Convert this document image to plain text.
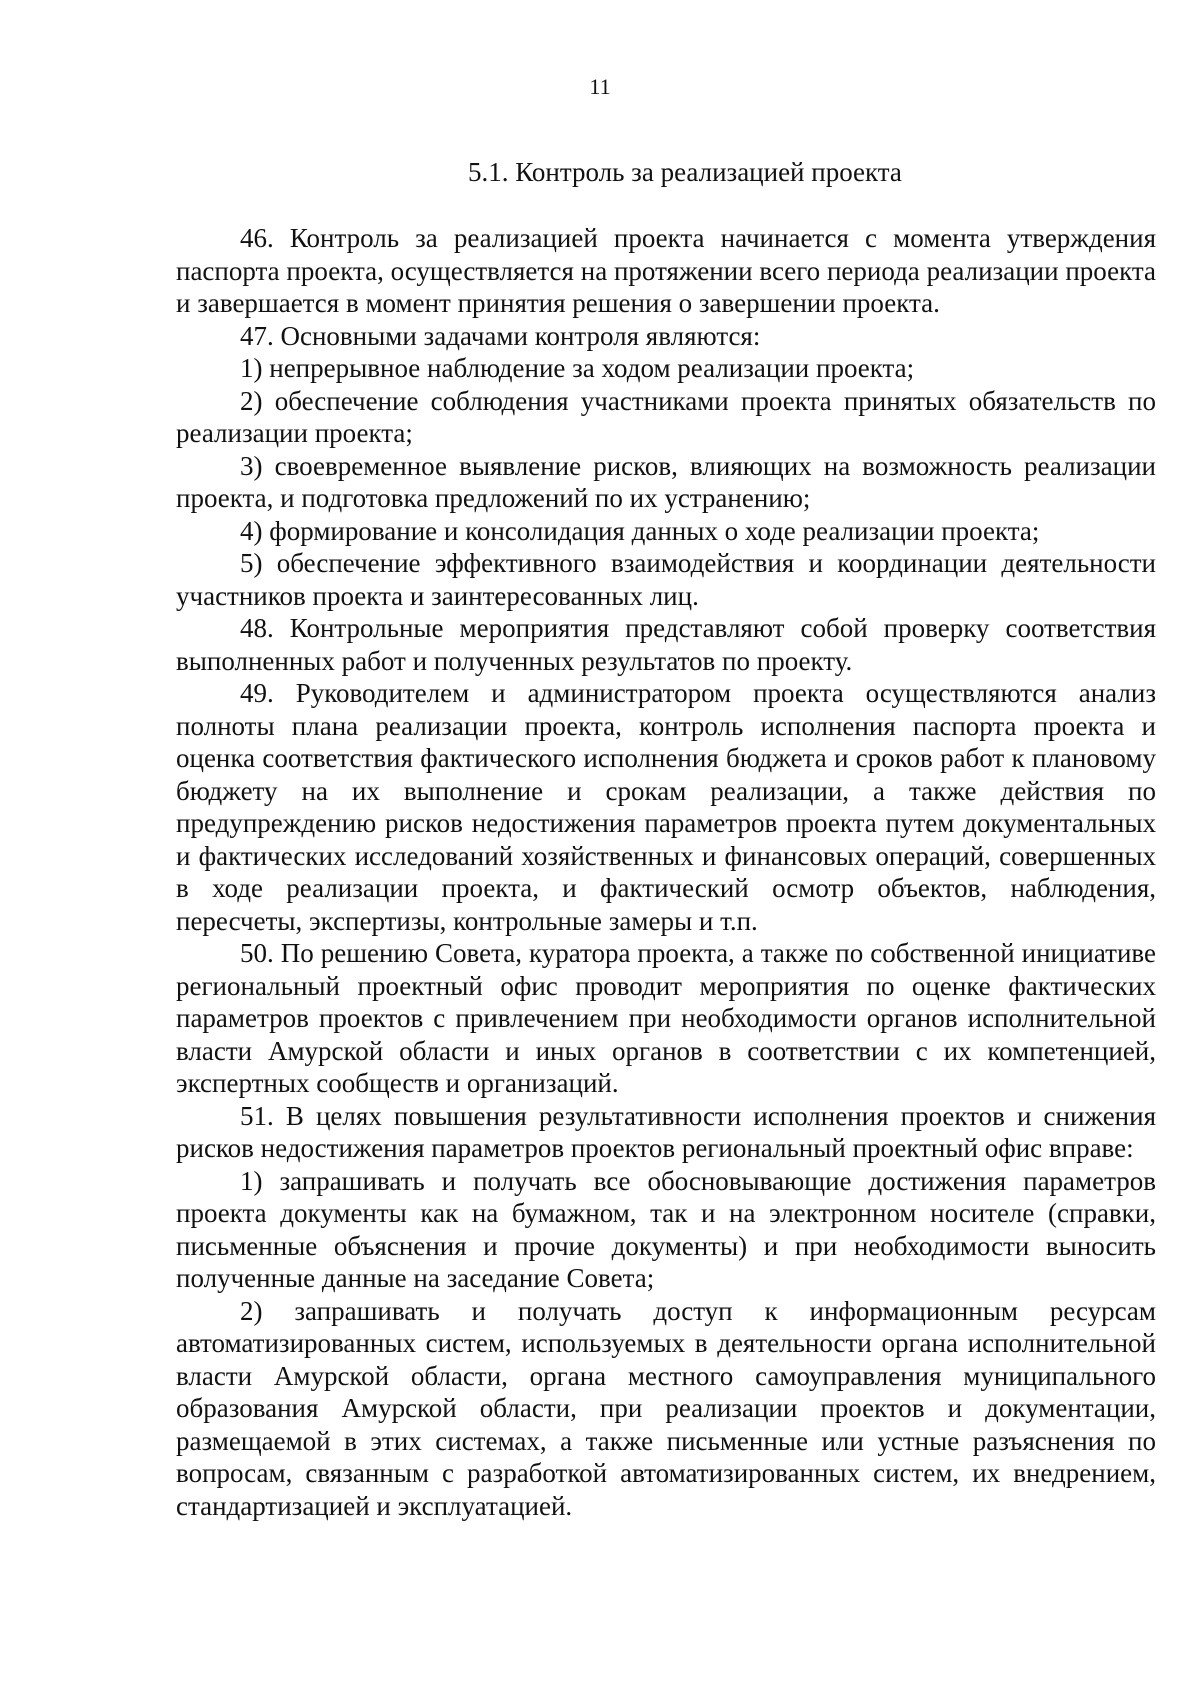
11
5.1. Контроль за реализацией проекта

46. Контроль за реализацией проекта начинается с момента утверждения паспорта проекта, осуществляется на протяжении всего периода реализации проекта и завершается в момент принятия решения о завершении проекта.

47. Основными задачами контроля являются:

1) непрерывное наблюдение за ходом реализации проекта;

2) обеспечение соблюдения участниками проекта принятых обязательств по реализации проекта;

3) своевременное выявление рисков, влияющих на возможность реализации проекта, и подготовка предложений по их устранению;

4) формирование и консолидация данных о ходе реализации проекта;

5) обеспечение эффективного взаимодействия и координации деятельности участников проекта и заинтересованных лиц.

48. Контрольные мероприятия представляют собой проверку соответствия выполненных работ и полученных результатов по проекту.

49. Руководителем и администратором проекта осуществляются анализ полноты плана реализации проекта, контроль исполнения паспорта проекта и оценка соответствия фактического исполнения бюджета и сроков работ к плановому бюджету на их выполнение и срокам реализации, а также действия по предупреждению рисков недостижения параметров проекта путем документальных и фактических исследований хозяйственных и финансовых операций, совершенных в ходе реализации проекта, и фактический осмотр объектов, наблюдения, пересчеты, экспертизы, контрольные замеры и т.п.

50. По решению Совета, куратора проекта, а также по собственной инициативе региональный проектный офис проводит мероприятия по оценке фактических параметров проектов с привлечением при необходимости органов исполнительной власти Амурской области и иных органов в соответствии с их компетенцией, экспертных сообществ и организаций.

51. В целях повышения результативности исполнения проектов и снижения рисков недостижения параметров проектов региональный проектный офис вправе:

1) запрашивать и получать все обосновывающие достижения параметров проекта документы как на бумажном, так и на электронном носителе (справки, письменные объяснения и прочие документы) и при необходимости выносить полученные данные на заседание Совета;

2) запрашивать и получать доступ к информационным ресурсам автоматизированных систем, используемых в деятельности органа исполнительной власти Амурской области, органа местного самоуправления муниципального образования Амурской области, при реализации проектов и документации, размещаемой в этих системах, а также письменные или устные разъяснения по вопросам, связанным с разработкой автоматизированных систем, их внедрением, стандартизацией и эксплуатацией.
